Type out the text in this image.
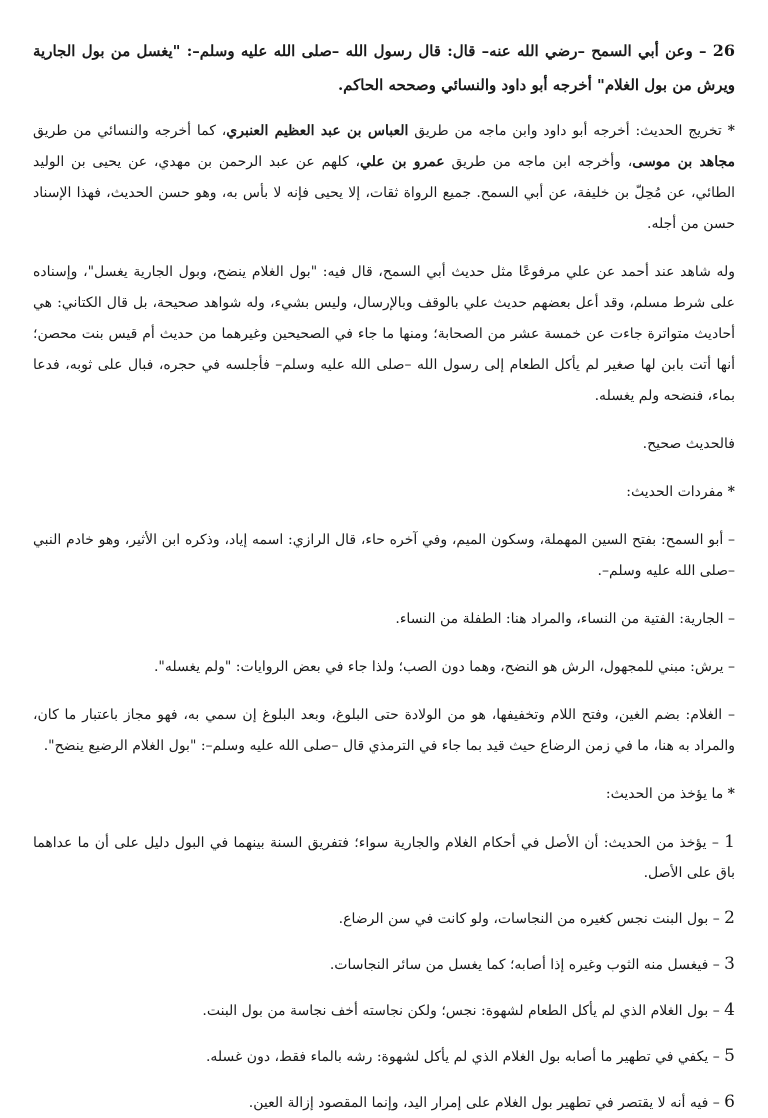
26 – وعن أبي السمح –رضي الله عنه– قال: قال رسول الله –صلى الله عليه وسلم–: "يغسل من بول الجارية ويرش من بول الغلام" أخرجه أبو داود والنسائي وصححه الحاكم.

* تخريج الحديث: أخرجه أبو داود وابن ماجه من طريق العباس بن عبد العظيم العنبري، كما أخرجه والنسائي من طريق مجاهد بن موسى، وأخرجه ابن ماجه من طريق عمرو بن علي، كلهم عن عبد الرحمن بن مهدي، عن يحيى بن الوليد الطائي، عن مُحِلّ بن خليفة، عن أبي السمح. جميع الرواة ثقات، إلا يحيى فإنه لا بأس به، وهو حسن الحديث، فهذا الإسناد حسن من أجله.

وله شاهد عند أحمد عن علي مرفوعًا مثل حديث أبي السمح، قال فيه: "بول الغلام ينضح، وبول الجارية يغسل"، وإسناده على شرط مسلم، وقد أعل بعضهم حديث علي بالوقف وبالإرسال، وليس بشيء، وله شواهد صحيحة، بل قال الكتاني: هي أحاديث متواترة جاءت عن خمسة عشر من الصحابة؛ ومنها ما جاء في الصحيحين وغيرهما من حديث أم قيس بنت محصن؛ أنها أتت بابن لها صغير لم يأكل الطعام إلى رسول الله –صلى الله عليه وسلم– فأجلسه في حجره، فبال على ثوبه، فدعا بماء، فنضحه ولم يغسله.

فالحديث صحيح.

* مفردات الحديث:

– أبو السمح: بفتح السين المهملة، وسكون الميم، وفي آخره حاء، قال الرازي: اسمه إياد، وذكره ابن الأثير، وهو خادم النبي –صلى الله عليه وسلم–.

– الجارية: الفتية من النساء، والمراد هنا: الطفلة من النساء.

– يرش: مبني للمجهول، الرش هو النضح، وهما دون الصب؛ ولذا جاء في بعض الروايات: "ولم يغسله".

– الغلام: بضم الغين، وفتح اللام وتخفيفها، هو من الولادة حتى البلوغ، وبعد البلوغ إن سمي به، فهو مجاز باعتبار ما كان، والمراد به هنا، ما في زمن الرضاع حيث قيد بما جاء في الترمذي قال –صلى الله عليه وسلم–: "بول الغلام الرضيع ينضح".

* ما يؤخذ من الحديث:

1 – يؤخذ من الحديث: أن الأصل في أحكام الغلام والجارية سواء؛ فتفريق السنة بينهما في البول دليل على أن ما عداهما باق على الأصل.

2 – بول البنت نجس كغيره من النجاسات، ولو كانت في سن الرضاع.

3 – فيغسل منه الثوب وغيره إذا أصابه؛ كما يغسل من سائر النجاسات.

4 – بول الغلام الذي لم يأكل الطعام لشهوة: نجس؛ ولكن نجاسته أخف نجاسة من بول البنت.

5 – يكفي في تطهير ما أصابه بول الغلام الذي لم يأكل لشهوة: رشه بالماء فقط، دون غسله.

6 – فيه أنه لا يقتصر في تطهير بول الغلام على إمرار اليد، وإنما المقصود إزالة العين.
